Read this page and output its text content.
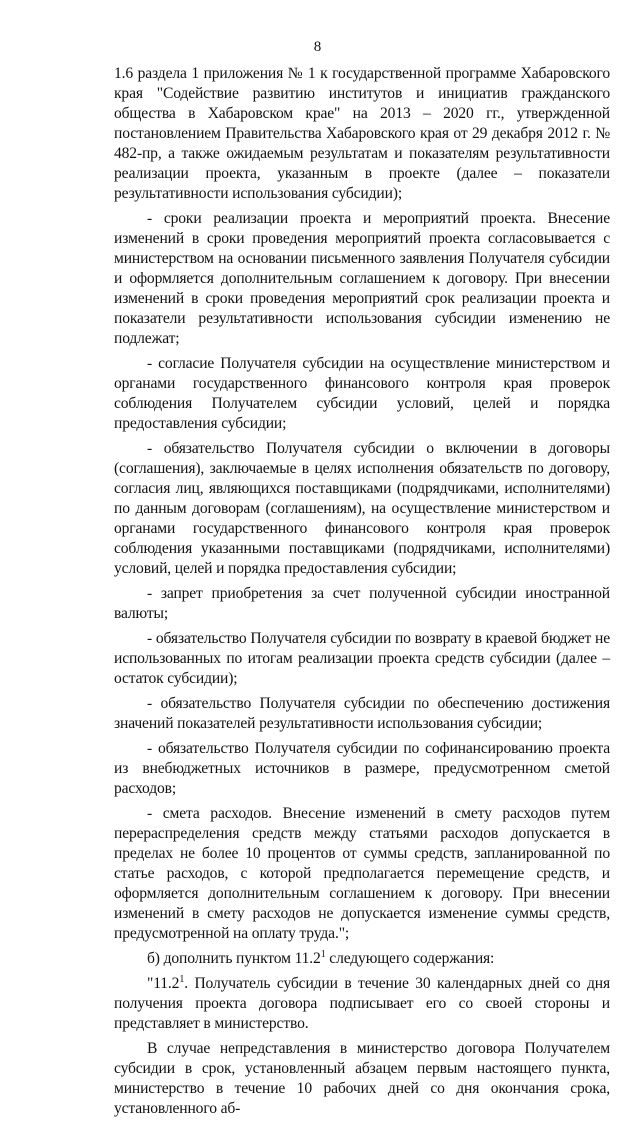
8

1.6 раздела 1 приложения № 1 к государственной программе Хабаровского края "Содействие развитию институтов и инициатив гражданского общества в Хабаровском крае" на 2013 – 2020 гг., утвержденной постановлением Правительства Хабаровского края от 29 декабря 2012 г. № 482-пр, а также ожидаемым результатам и показателям результативности реализации проекта, указанным в проекте (далее – показатели результативности использования субсидии);

- сроки реализации проекта и мероприятий проекта. Внесение изменений в сроки проведения мероприятий проекта согласовывается с министерством на основании письменного заявления Получателя субсидии и оформляется дополнительным соглашением к договору. При внесении изменений в сроки проведения мероприятий срок реализации проекта и показатели результативности использования субсидии изменению не подлежат;

- согласие Получателя субсидии на осуществление министерством и органами государственного финансового контроля края проверок соблюдения Получателем субсидии условий, целей и порядка предоставления субсидии;

- обязательство Получателя субсидии о включении в договоры (соглашения), заключаемые в целях исполнения обязательств по договору, согласия лиц, являющихся поставщиками (подрядчиками, исполнителями) по данным договорам (соглашениям), на осуществление министерством и органами государственного финансового контроля края проверок соблюдения указанными поставщиками (подрядчиками, исполнителями) условий, целей и порядка предоставления субсидии;

- запрет приобретения за счет полученной субсидии иностранной валюты;

- обязательство Получателя субсидии по возврату в краевой бюджет не использованных по итогам реализации проекта средств субсидии (далее – остаток субсидии);

- обязательство Получателя субсидии по обеспечению достижения значений показателей результативности использования субсидии;

- обязательство Получателя субсидии по софинансированию проекта из внебюджетных источников в размере, предусмотренном сметой расходов;

- смета расходов. Внесение изменений в смету расходов путем перераспределения средств между статьями расходов допускается в пределах не более 10 процентов от суммы средств, запланированной по статье расходов, с которой предполагается перемещение средств, и оформляется дополнительным соглашением к договору. При внесении изменений в смету расходов не допускается изменение суммы средств, предусмотренной на оплату труда.";

б) дополнить пунктом 11.2$^1$ следующего содержания:

"11.2$^1$. Получатель субсидии в течение 30 календарных дней со дня получения проекта договора подписывает его со своей стороны и представляет в министерство.

В случае непредставления в министерство договора Получателем субсидии в срок, установленный абзацем первым настоящего пункта, министерство в течение 10 рабочих дней со дня окончания срока, установленного аб-
